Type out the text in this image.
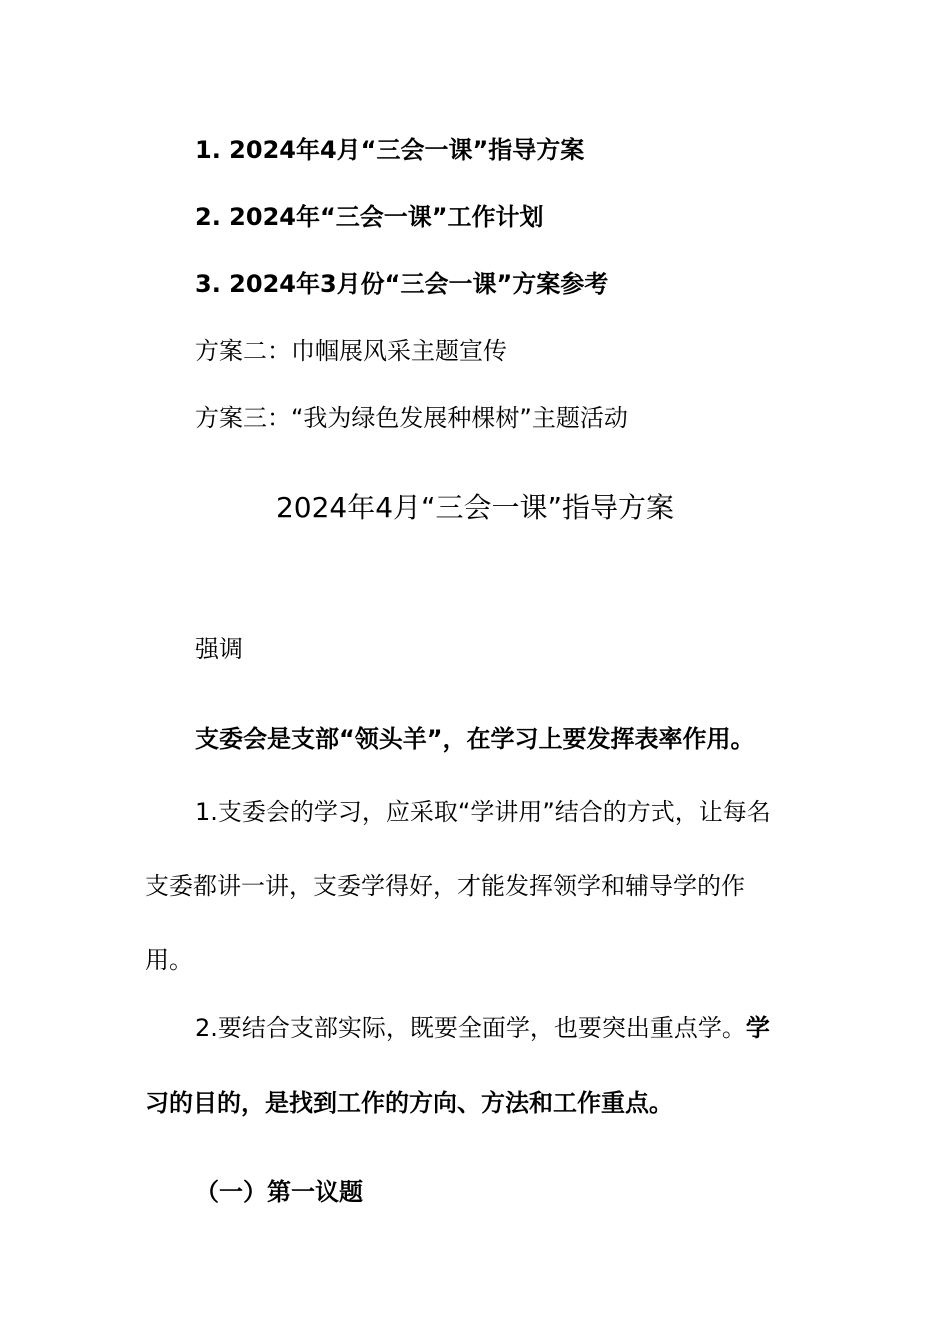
1. 2024年4月“三会一课”指导方案
2. 2024年“三会一课”工作计划
3. 2024年3月份“三会一课”方案参考
方案二：巾帼展风采主题宣传
方案三：“我为绿色发展种棵树”主题活动
2024年4月“三会一课”指导方案
强调
支委会是支部“领头羊”，在学习上要发挥表率作用。
1.支委会的学习，应采取“学讲用”结合的方式，让每名
支委都讲一讲，支委学得好，才能发挥领学和辅导学的作
用。
2.要结合支部实际，既要全面学，也要突出重点学。学
习的目的，是找到工作的方向、方法和工作重点。
（一）第一议题
